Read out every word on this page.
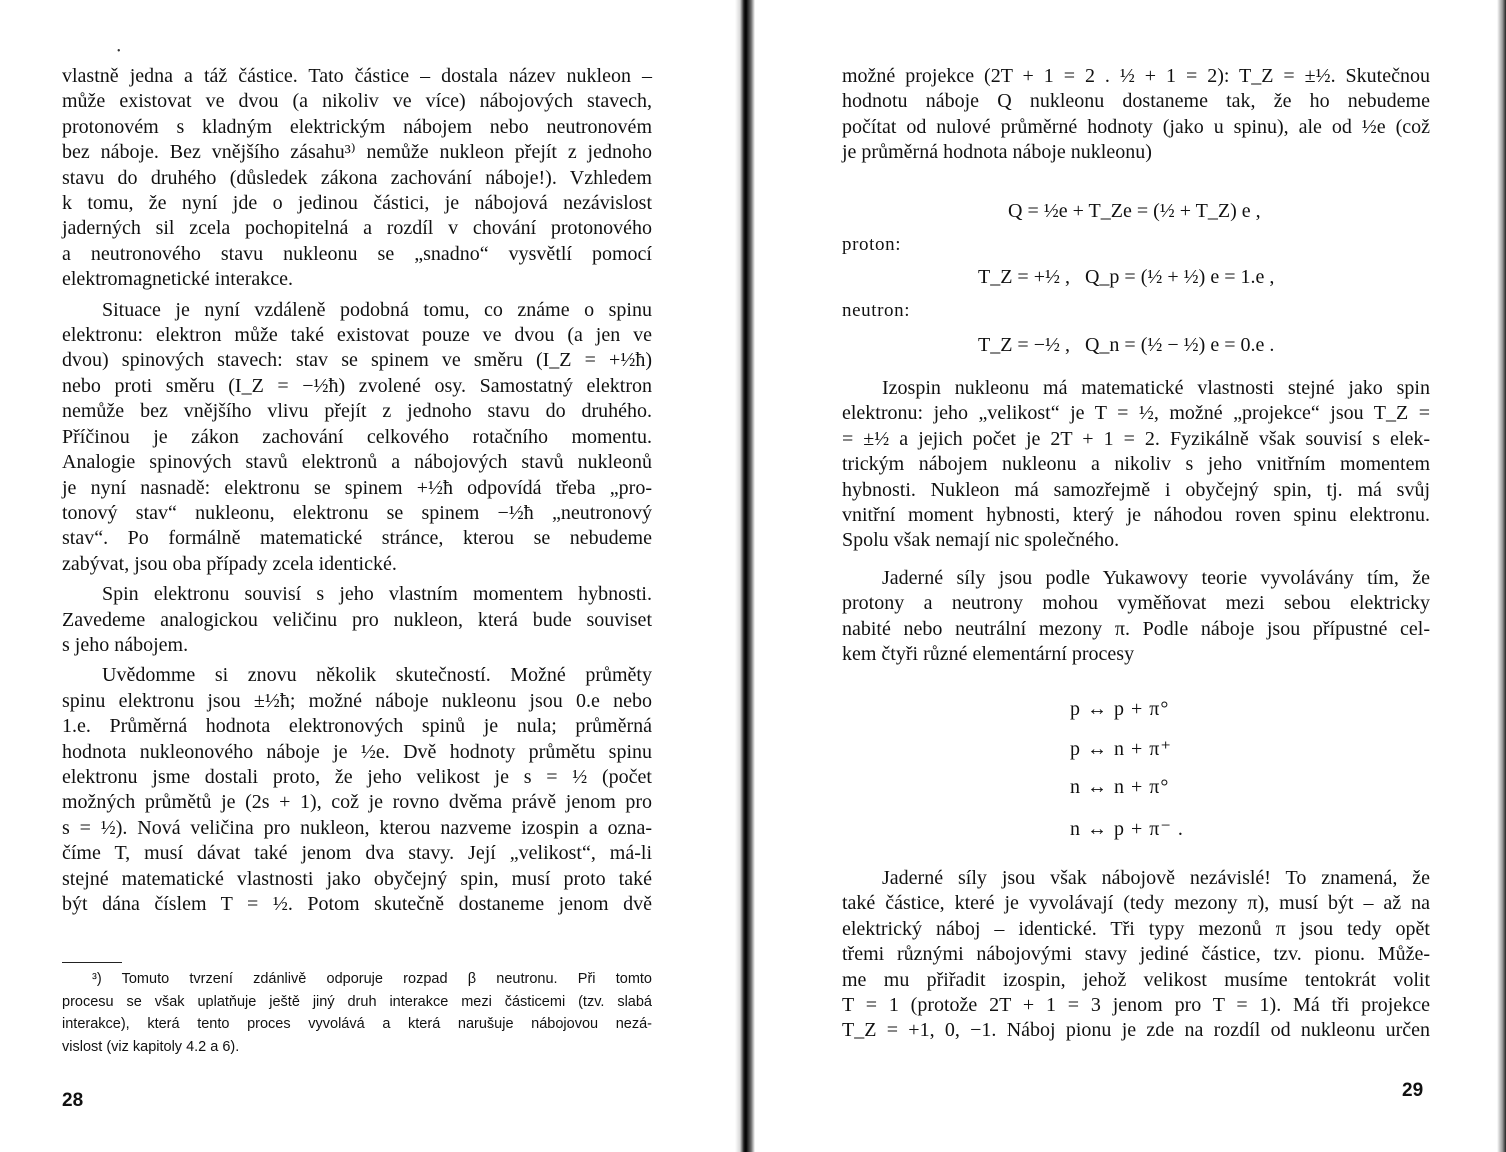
•

vlastně jedna a táž částice. Tato částice – dostala název nukleon –

může existovat ve dvou (a nikoliv ve více) nábojových stavech,

protonovém s kladným elektrickým nábojem nebo neutronovém

bez náboje. Bez vnějšího zásahu³⁾ nemůže nukleon přejít z jednoho

stavu do druhého (důsledek zákona zachování náboje!). Vzhledem

k tomu, že nyní jde o jedinou částici, je nábojová nezávislost

jaderných sil zcela pochopitelná a rozdíl v chování protonového

a neutronového stavu nukleonu se „snadno“ vysvětlí pomocí

elektromagnetické interakce.

Situace je nyní vzdáleně podobná tomu, co známe o spinu

elektronu: elektron může také existovat pouze ve dvou (a jen ve

dvou) spinových stavech: stav se spinem ve směru (I_Z = +½ħ)

nebo proti směru (I_Z = −½ħ) zvolené osy. Samostatný elektron

nemůže bez vnějšího vlivu přejít z jednoho stavu do druhého.

Příčinou je zákon zachování celkového rotačního momentu.

Analogie spinových stavů elektronů a nábojových stavů nukleonů

je nyní nasnadě: elektronu se spinem +½ħ odpovídá třeba „pro-

tonový stav“ nukleonu, elektronu se spinem −½ħ „neutronový

stav“. Po formálně matematické stránce, kterou se nebudeme

zabývat, jsou oba případy zcela identické.

Spin elektronu souvisí s jeho vlastním momentem hybnosti.

Zavedeme analogickou veličinu pro nukleon, která bude souviset

s jeho nábojem.

Uvědomme si znovu několik skutečností. Možné průměty

spinu elektronu jsou ±½ħ; možné náboje nukleonu jsou 0.e nebo

1.e. Průměrná hodnota elektronových spinů je nula; průměrná

hodnota nukleonového náboje je ½e. Dvě hodnoty průmětu spinu

elektronu jsme dostali proto, že jeho velikost je s = ½ (počet

možných průmětů je (2s + 1), což je rovno dvěma právě jenom pro

s = ½). Nová veličina pro nukleon, kterou nazveme izospin a ozna-

číme T, musí dávat také jenom dva stavy. Její „velikost“, má-li

stejné matematické vlastnosti jako obyčejný spin, musí proto také

být dána číslem T = ½. Potom skutečně dostaneme jenom dvě

³) Tomuto tvrzení zdánlivě odporuje rozpad β neutronu. Při tomto

procesu se však uplatňuje ještě jiný druh interakce mezi částicemi (tzv. slabá

interakce), která tento proces vyvolává a která narušuje nábojovou nezá-

vislost (viz kapitoly 4.2 a 6).

28

možné projekce (2T + 1 = 2 . ½ + 1 = 2): T_Z = ±½. Skutečnou

hodnotu náboje Q nukleonu dostaneme tak, že ho nebudeme

počítat od nulové průměrné hodnoty (jako u spinu), ale od ½e (což

je průměrná hodnota náboje nukleonu)

Q = ½e + T_Ze = (½ + T_Z) e ,
proton:
T_Z = +½ ,   Q_p = (½ + ½) e = 1.e ,
neutron:
T_Z = −½ ,   Q_n = (½ − ½) e = 0.e .

Izospin nukleonu má matematické vlastnosti stejné jako spin

elektronu: jeho „velikost“ je T = ½, možné „projekce“ jsou T_Z =

= ±½ a jejich počet je 2T + 1 = 2. Fyzikálně však souvisí s elek-

trickým nábojem nukleonu a nikoliv s jeho vnitřním momentem

hybnosti. Nukleon má samozřejmě i obyčejný spin, tj. má svůj

vnitřní moment hybnosti, který je náhodou roven spinu elektronu.

Spolu však nemají nic společného.

Jaderné síly jsou podle Yukawovy teorie vyvolávány tím, že

protony a neutrony mohou vyměňovat mezi sebou elektricky

nabité nebo neutrální mezony π. Podle náboje jsou přípustné cel-

kem čtyři různé elementární procesy

p ↔ p + π°
p ↔ n + π⁺
n ↔ n + π°
n ↔ p + π⁻ .

Jaderné síly jsou však nábojově nezávislé! To znamená, že

také částice, které je vyvolávají (tedy mezony π), musí být – až na

elektrický náboj – identické. Tři typy mezonů π jsou tedy opět

třemi různými nábojovými stavy jediné částice, tzv. pionu. Může-

me mu přiřadit izospin, jehož velikost musíme tentokrát volit

T = 1 (protože 2T + 1 = 3 jenom pro T = 1). Má tři projekce

T_Z = +1, 0, −1. Náboj pionu je zde na rozdíl od nukleonu určen

29
